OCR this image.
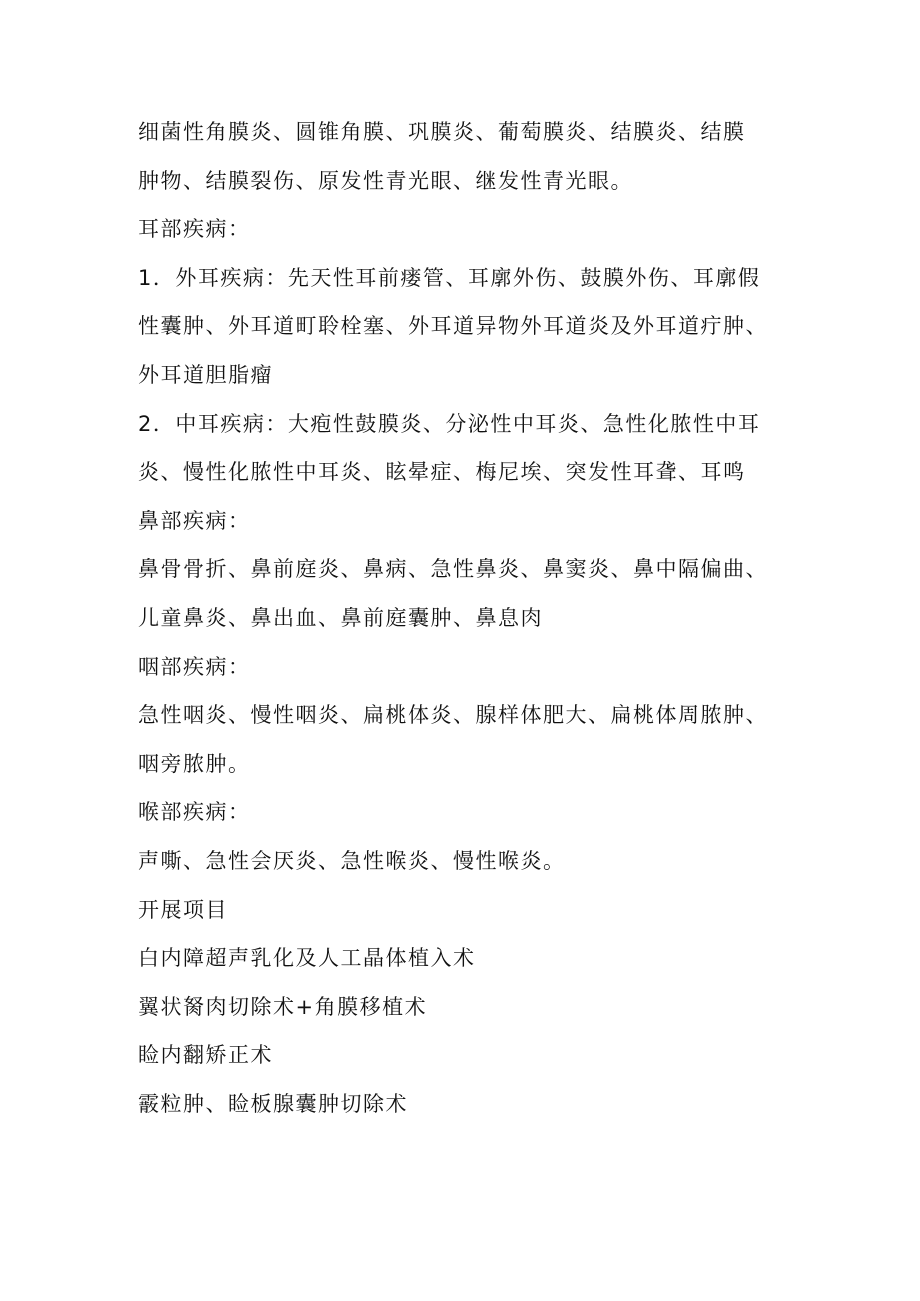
细菌性角膜炎、圆锥角膜、巩膜炎、葡萄膜炎、结膜炎、结膜
肿物、结膜裂伤、原发性青光眼、继发性青光眼。
耳部疾病：
1．外耳疾病：先天性耳前瘘管、耳廓外伤、鼓膜外伤、耳廓假
性囊肿、外耳道町聆栓塞、外耳道异物外耳道炎及外耳道疔肿、
外耳道胆脂瘤
2．中耳疾病：大疱性鼓膜炎、分泌性中耳炎、急性化脓性中耳
炎、慢性化脓性中耳炎、眩晕症、梅尼埃、突发性耳聋、耳鸣
鼻部疾病：
鼻骨骨折、鼻前庭炎、鼻病、急性鼻炎、鼻窦炎、鼻中隔偏曲、
儿童鼻炎、鼻出血、鼻前庭囊肿、鼻息肉
咽部疾病：
急性咽炎、慢性咽炎、扁桃体炎、腺样体肥大、扁桃体周脓肿、
咽旁脓肿。
喉部疾病：
声嘶、急性会厌炎、急性喉炎、慢性喉炎。
开展项目
白内障超声乳化及人工晶体植入术
翼状胬肉切除术+角膜移植术
睑内翻矫正术
霰粒肿、睑板腺囊肿切除术
